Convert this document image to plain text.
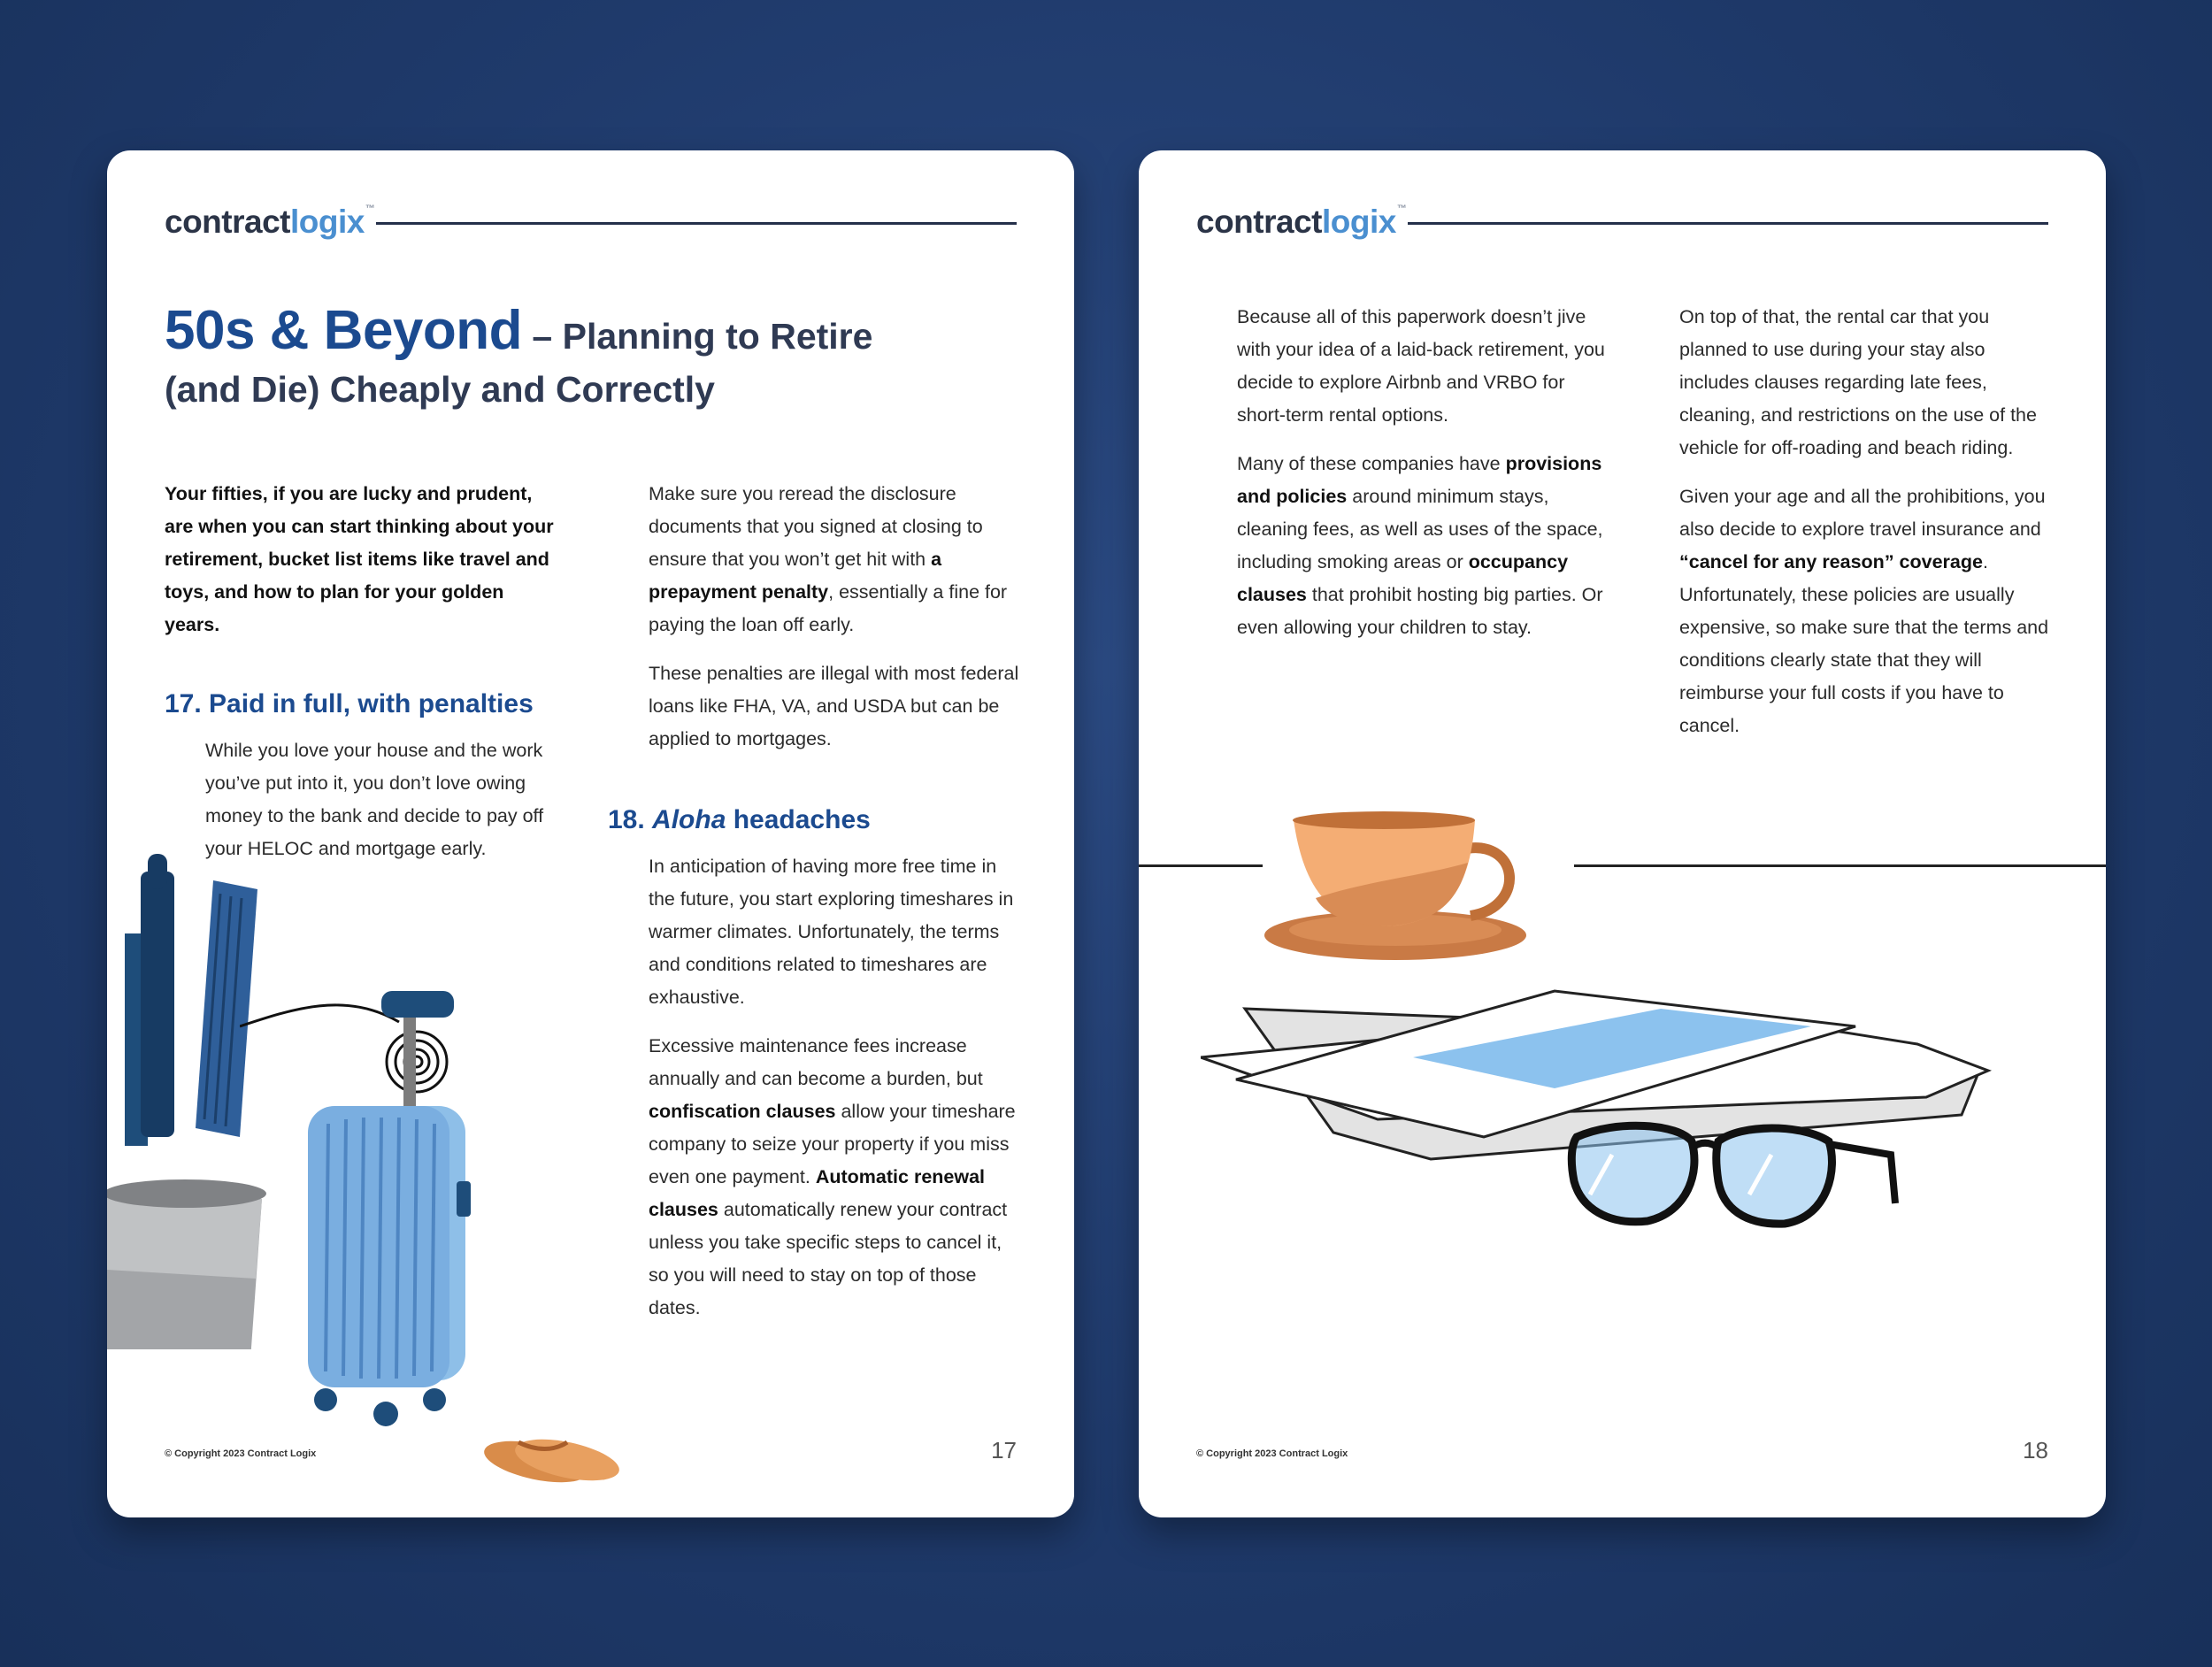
contractlogix™
50s & Beyond – Planning to Retire
(and Die) Cheaply and Correctly

Your fifties, if you are lucky and prudent, are when you can start thinking about your retirement, bucket list items like travel and toys, and how to plan for your golden years.

17. Paid in full, with penalties

While you love your house and the work you’ve put into it, you don’t love owing money to the bank and decide to pay off your HELOC and mortgage early.

Make sure you reread the disclosure documents that you signed at closing to ensure that you won’t get hit with a prepayment penalty, essentially a fine for paying the loan off early.

These penalties are illegal with most federal loans like FHA, VA, and USDA but can be applied to mortgages.

18. Aloha headaches

In anticipation of having more free time in the future, you start exploring timeshares in warmer climates. Unfortunately, the terms and conditions related to timeshares are exhaustive.

Excessive maintenance fees increase annually and can become a burden, but confiscation clauses allow your timeshare company to seize your property if you miss even one payment. Automatic renewal clauses automatically renew your contract unless you take specific steps to cancel it, so you will need to stay on top of those dates.

© Copyright 2023 Contract Logix	17
contractlogix™

Because all of this paperwork doesn’t jive with your idea of a laid-back retirement, you decide to explore Airbnb and VRBO for short-term rental options.

Many of these companies have provisions and policies around minimum stays, cleaning fees, as well as uses of the space, including smoking areas or occupancy clauses that prohibit hosting big parties. Or even allowing your children to stay.

On top of that, the rental car that you planned to use during your stay also includes clauses regarding late fees, cleaning, and restrictions on the use of the vehicle for off-roading and beach riding.

Given your age and all the prohibitions, you also decide to explore travel insurance and “cancel for any reason” coverage. Unfortunately, these policies are usually expensive, so make sure that the terms and conditions clearly state that they will reimburse your full costs if you have to cancel.

© Copyright 2023 Contract Logix	18
